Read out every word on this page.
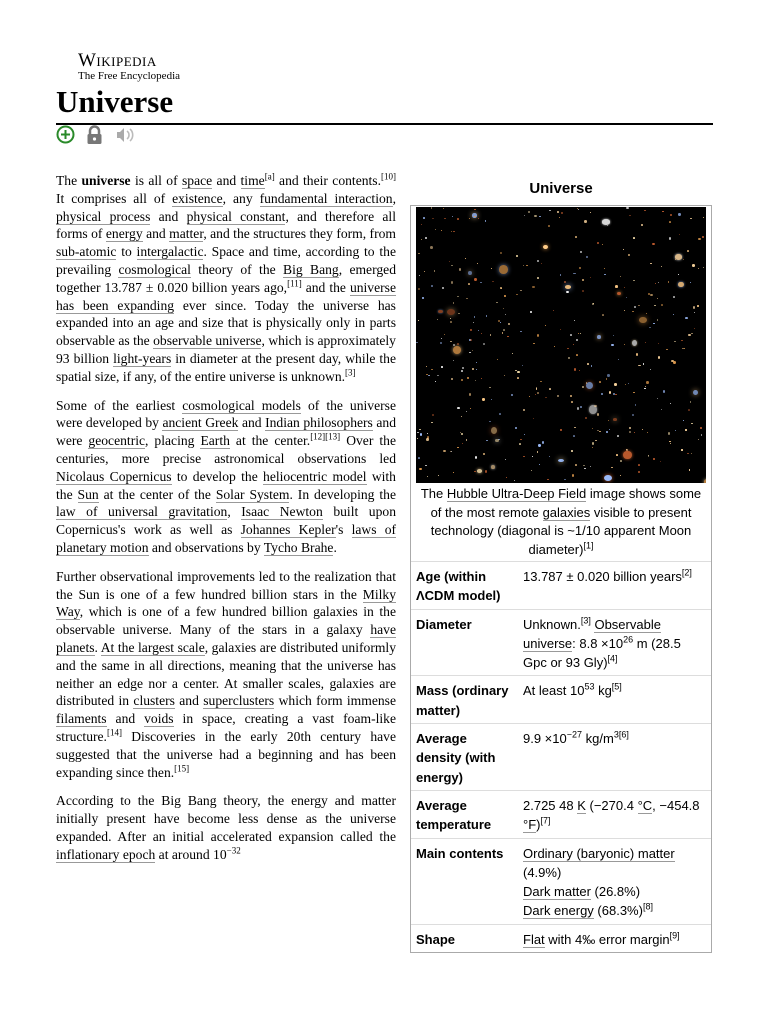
Wikipedia
The Free Encyclopedia
Universe

The universe is all of space and time[a] and their contents.[10] It comprises all of existence, any fundamental interaction, physical process and physical constant, and therefore all forms of energy and matter, and the structures they form, from sub-atomic to intergalactic. Space and time, according to the prevailing cosmological theory of the Big Bang, emerged together 13.787 ± 0.020 billion years ago,[11] and the universe has been expanding ever since. Today the universe has expanded into an age and size that is physically only in parts observable as the observable universe, which is approximately 93 billion light-years in diameter at the present day, while the spatial size, if any, of the entire universe is unknown.[3]

Some of the earliest cosmological models of the universe were developed by ancient Greek and Indian philosophers and were geocentric, placing Earth at the center.[12][13] Over the centuries, more precise astronomical observations led Nicolaus Copernicus to develop the heliocentric model with the Sun at the center of the Solar System. In developing the law of universal gravitation, Isaac Newton built upon Copernicus's work as well as Johannes Kepler's laws of planetary motion and observations by Tycho Brahe.

Further observational improvements led to the realization that the Sun is one of a few hundred billion stars in the Milky Way, which is one of a few hundred billion galaxies in the observable universe. Many of the stars in a galaxy have planets. At the largest scale, galaxies are distributed uniformly and the same in all directions, meaning that the universe has neither an edge nor a center. At smaller scales, galaxies are distributed in clusters and superclusters which form immense filaments and voids in space, creating a vast foam-like structure.[14] Discoveries in the early 20th century have suggested that the universe had a beginning and has been expanding since then.[15]

According to the Big Bang theory, the energy and matter initially present have become less dense as the universe expanded. After an initial accelerated expansion called the inflationary epoch at around $10^{-32}$

Universe
The Hubble Ultra-Deep Field image shows some of the most remote galaxies visible to present technology (diagonal is ~1/10 apparent Moon diameter)[1]
Age (within ΛCDM model)	13.787 ± 0.020 billion years[2]
Diameter	Unknown.[3] Observable universe: $8.8 \times 10^{26}$ m (28.5 Gpc or 93 Gly)[4]
Mass (ordinary matter)	At least $10^{53}$ kg[5]
Average density (with energy)	$9.9 \times 10^{-27}$ $kg/m^{3[6]}$
Average temperature	2.725 48 K (−270.4 °C, −454.8 °F)[7]
Main contents	Ordinary (baryonic) matter
(4.9%)
Dark matter (26.8%)
Dark energy (68.3%)[8]
Shape	Flat with 4‰ error margin[9]
